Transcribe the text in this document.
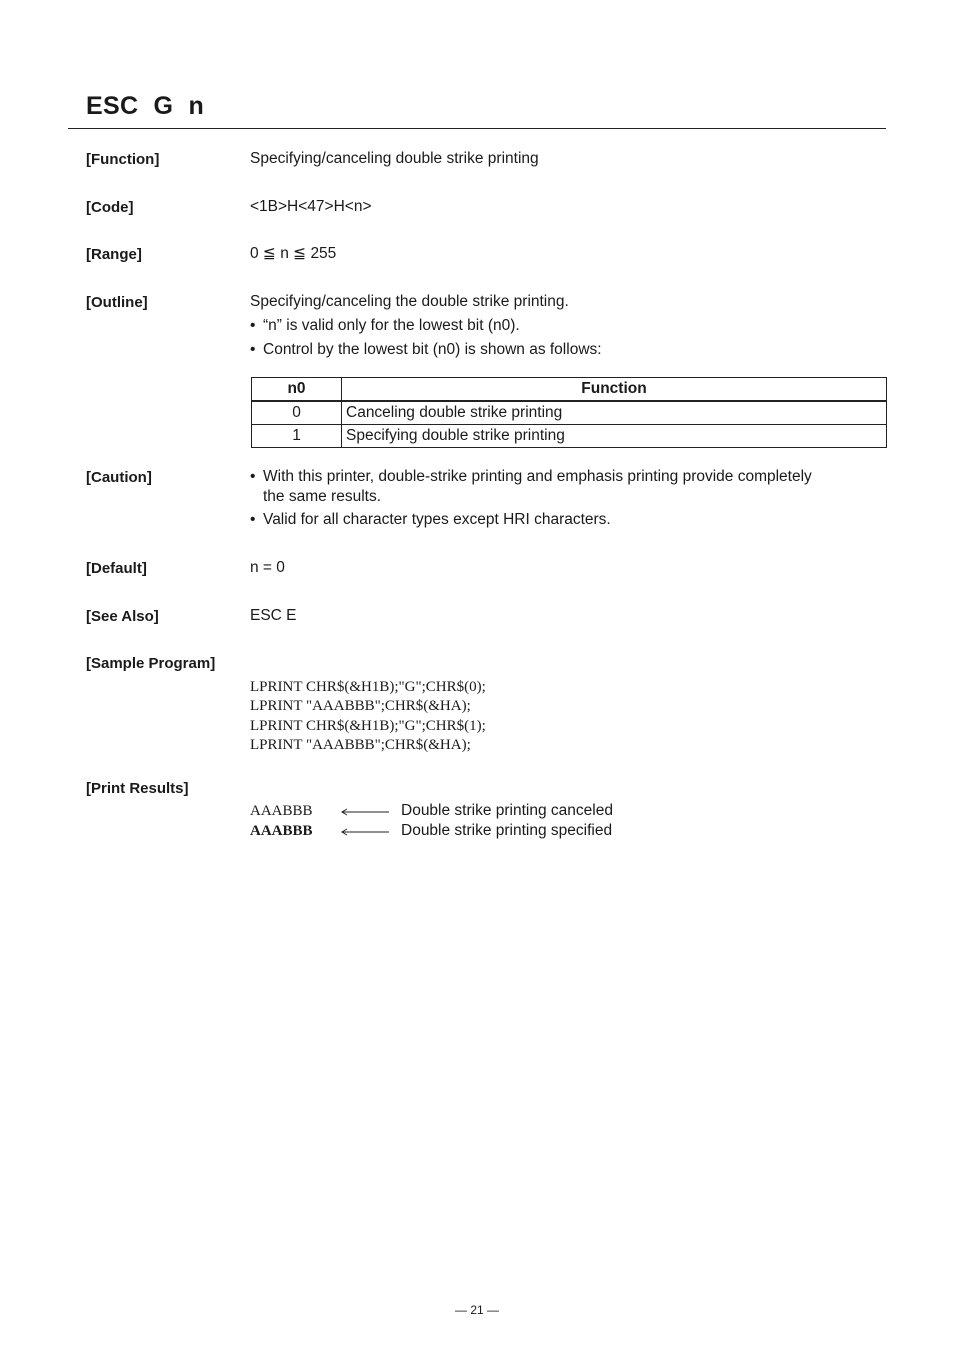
ESC G n
[Function]	Specifying/canceling double strike printing
[Code]	<1B>H<47>H<n>
[Range]	0 ≦ n ≦ 255
[Outline]	Specifying/canceling the double strike printing.
• “n” is valid only for the lowest bit (n0).
• Control by the lowest bit (n0) is shown as follows:
n0	Function
0	Canceling double strike printing
1	Specifying double strike printing
[Caution]	• With this printer, double-strike printing and emphasis printing provide completely
the same results.
• Valid for all character types except HRI characters.
[Default]	n = 0
[See Also]	ESC E
[Sample Program]
LPRINT CHR$(&H1B);"G";CHR$(0);
LPRINT "AAABBB";CHR$(&HA);
LPRINT CHR$(&H1B);"G";CHR$(1);
LPRINT "AAABBB";CHR$(&HA);
[Print Results]
AAABBB	Double strike printing canceled
AAABBB	Double strike printing specified
— 21 —
